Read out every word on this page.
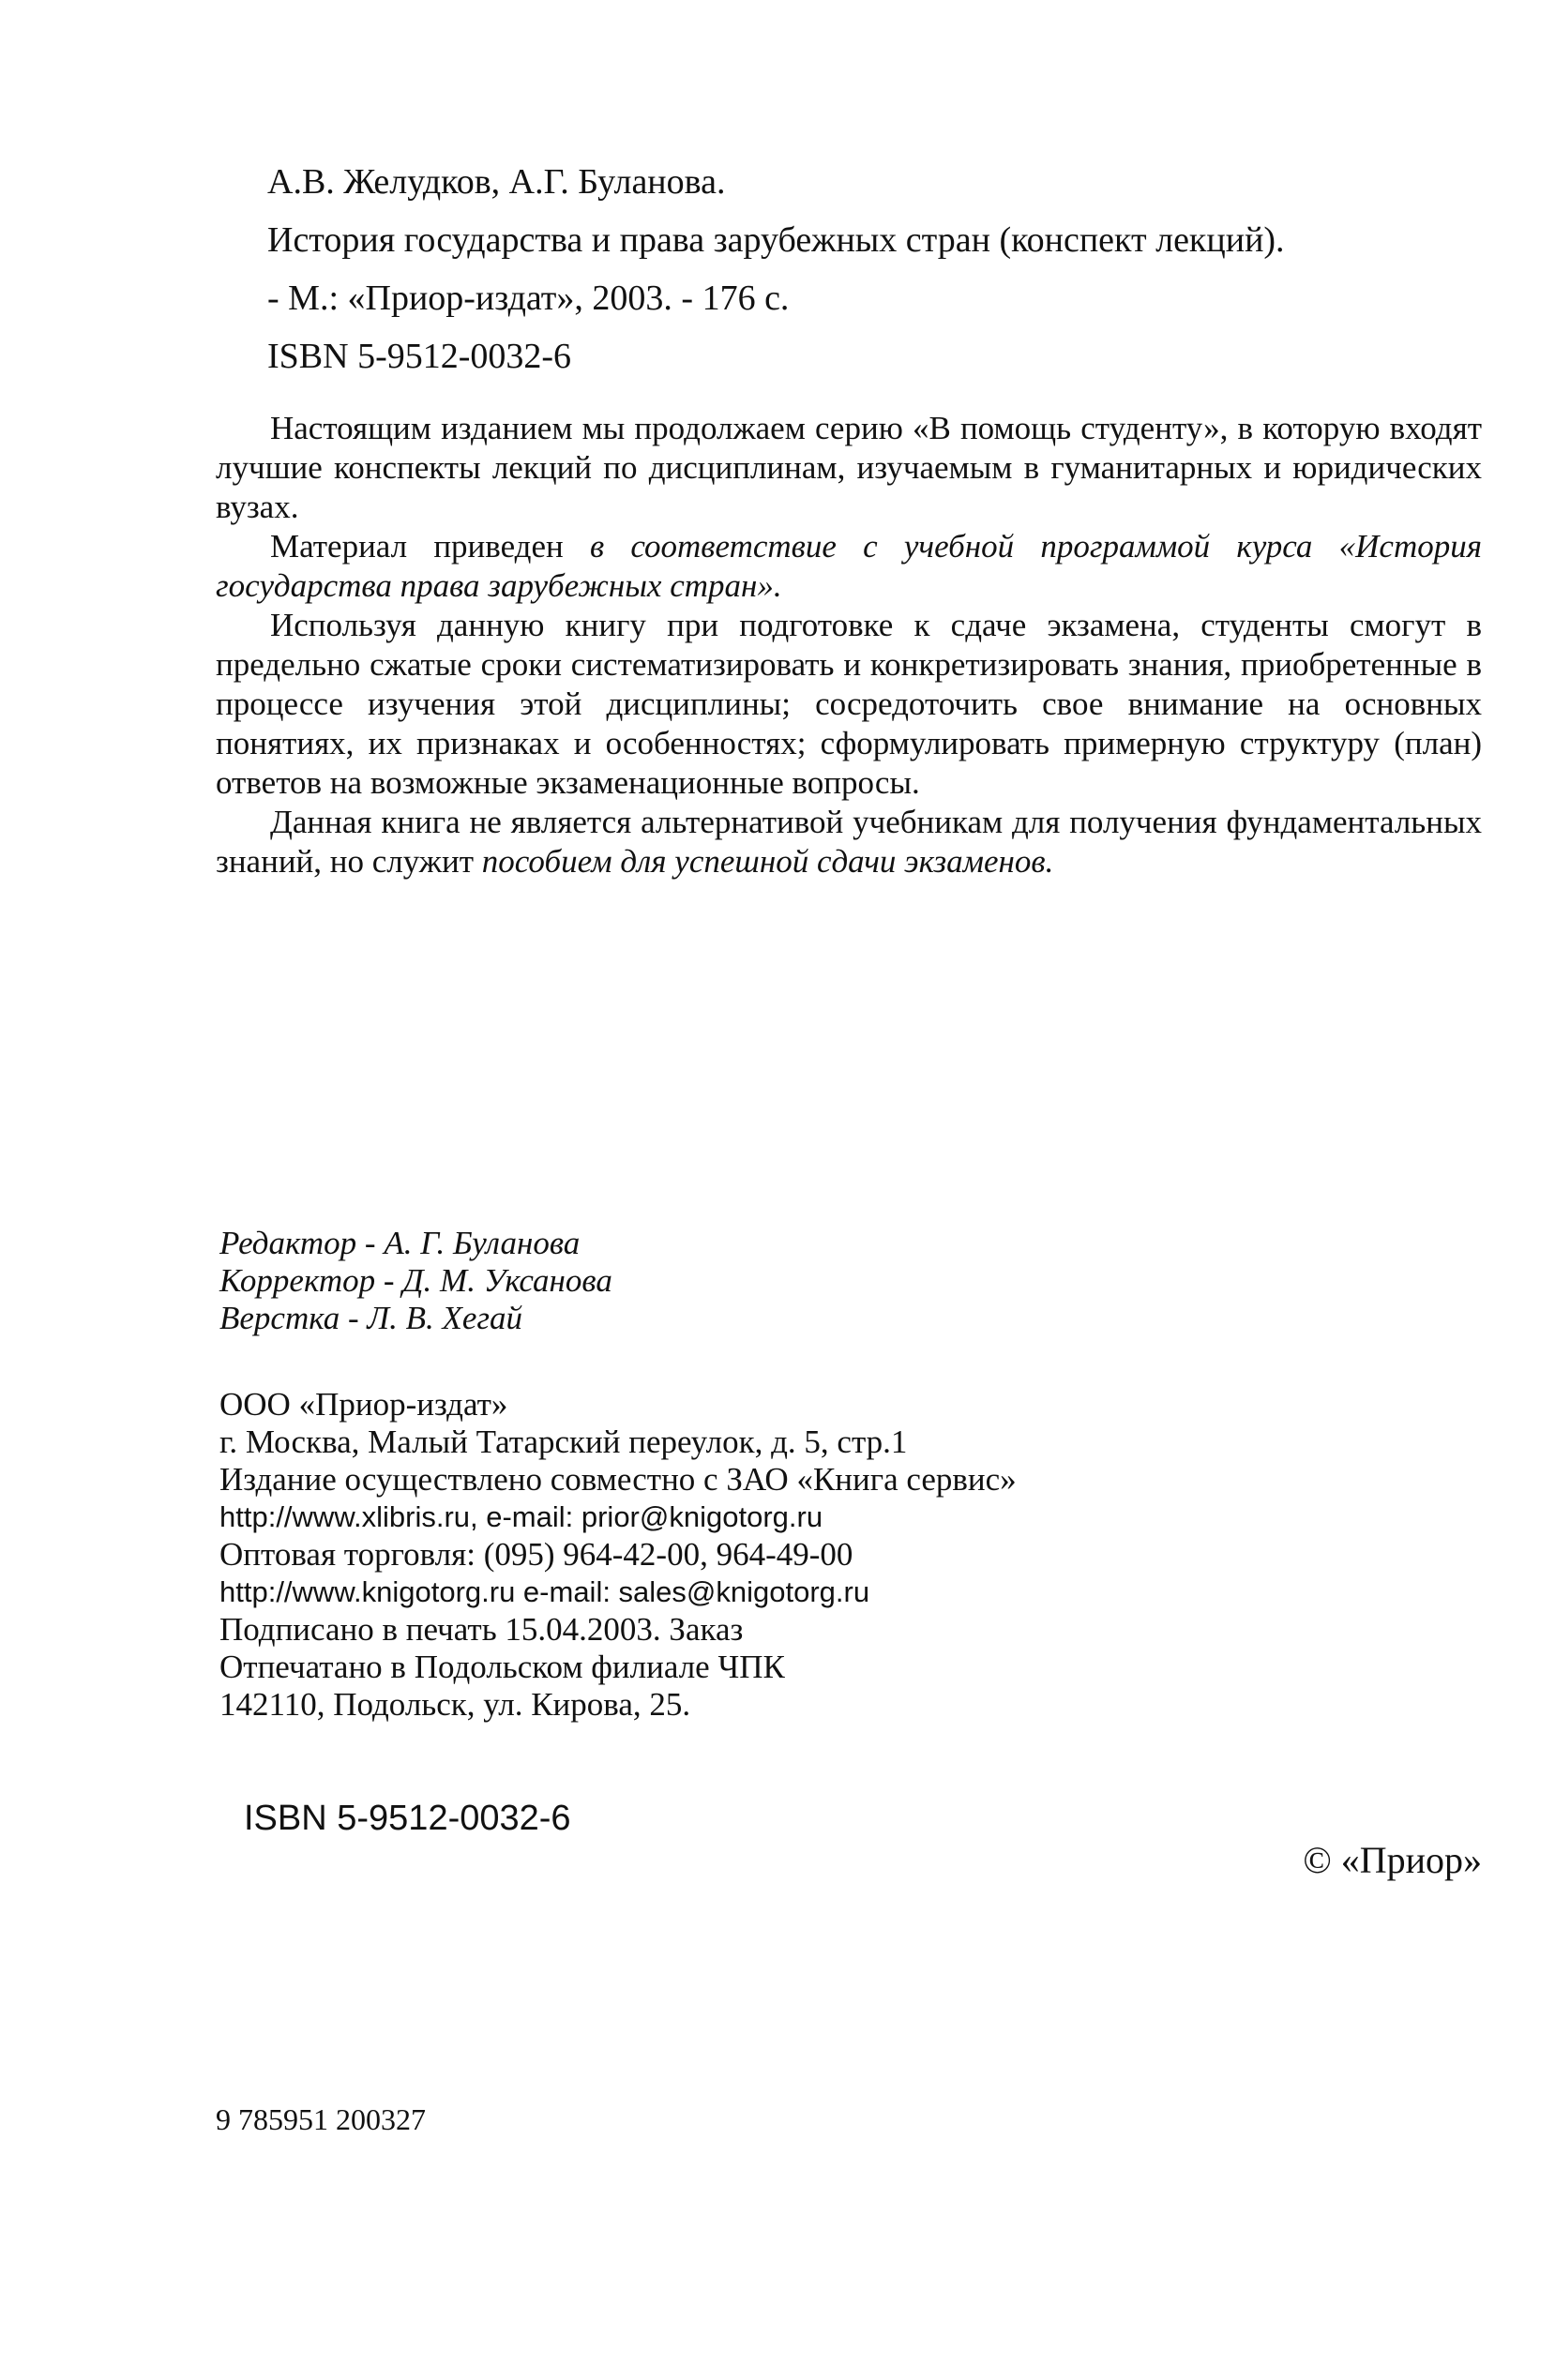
А.В. Желудков, А.Г. Буланова.
История государства и права зарубежных стран (конспект лекций).
- М.: «Приор-издат», 2003. - 176 с.
ISBN 5-9512-0032-6

Настоящим изданием мы продолжаем серию «В помощь студенту», в которую входят лучшие конспекты лекций по дисциплинам, изучаемым в гуманитарных и юридических вузах.

Материал приведен в соответствие с учебной программой курса «История государства права зарубежных стран».

Используя данную книгу при подготовке к сдаче экзамена, студенты смогут в предельно сжатые сроки систематизировать и конкретизировать знания, приобретенные в процессе изучения этой дисциплины; сосредоточить свое внимание на основных понятиях, их признаках и особенностях; сформулировать примерную структуру (план) ответов на возможные экзаменационные вопросы.

Данная книга не является альтернативой учебникам для получения фундаментальных знаний, но служит пособием для успешной сдачи экзаменов.

Редактор - А. Г. Буланова
Корректор - Д. М. Уксанова
Верстка - Л. В. Хегай
ООО «Приор-издат»
г. Москва, Малый Татарский переулок, д. 5, стр.1
Издание осуществлено совместно с ЗАО «Книга сервис»
http://www.xlibris.ru, e-mail: prior@knigotorg.ru
Оптовая торговля: (095) 964-42-00, 964-49-00
http://www.knigotorg.ru e-mail: sales@knigotorg.ru
Подписано в печать 15.04.2003. Заказ
Отпечатано в Подольском филиале ЧПК
142110, Подольск, ул. Кирова, 25.
ISBN 5-9512-0032-6
© «Приор»
9 785951 200327
